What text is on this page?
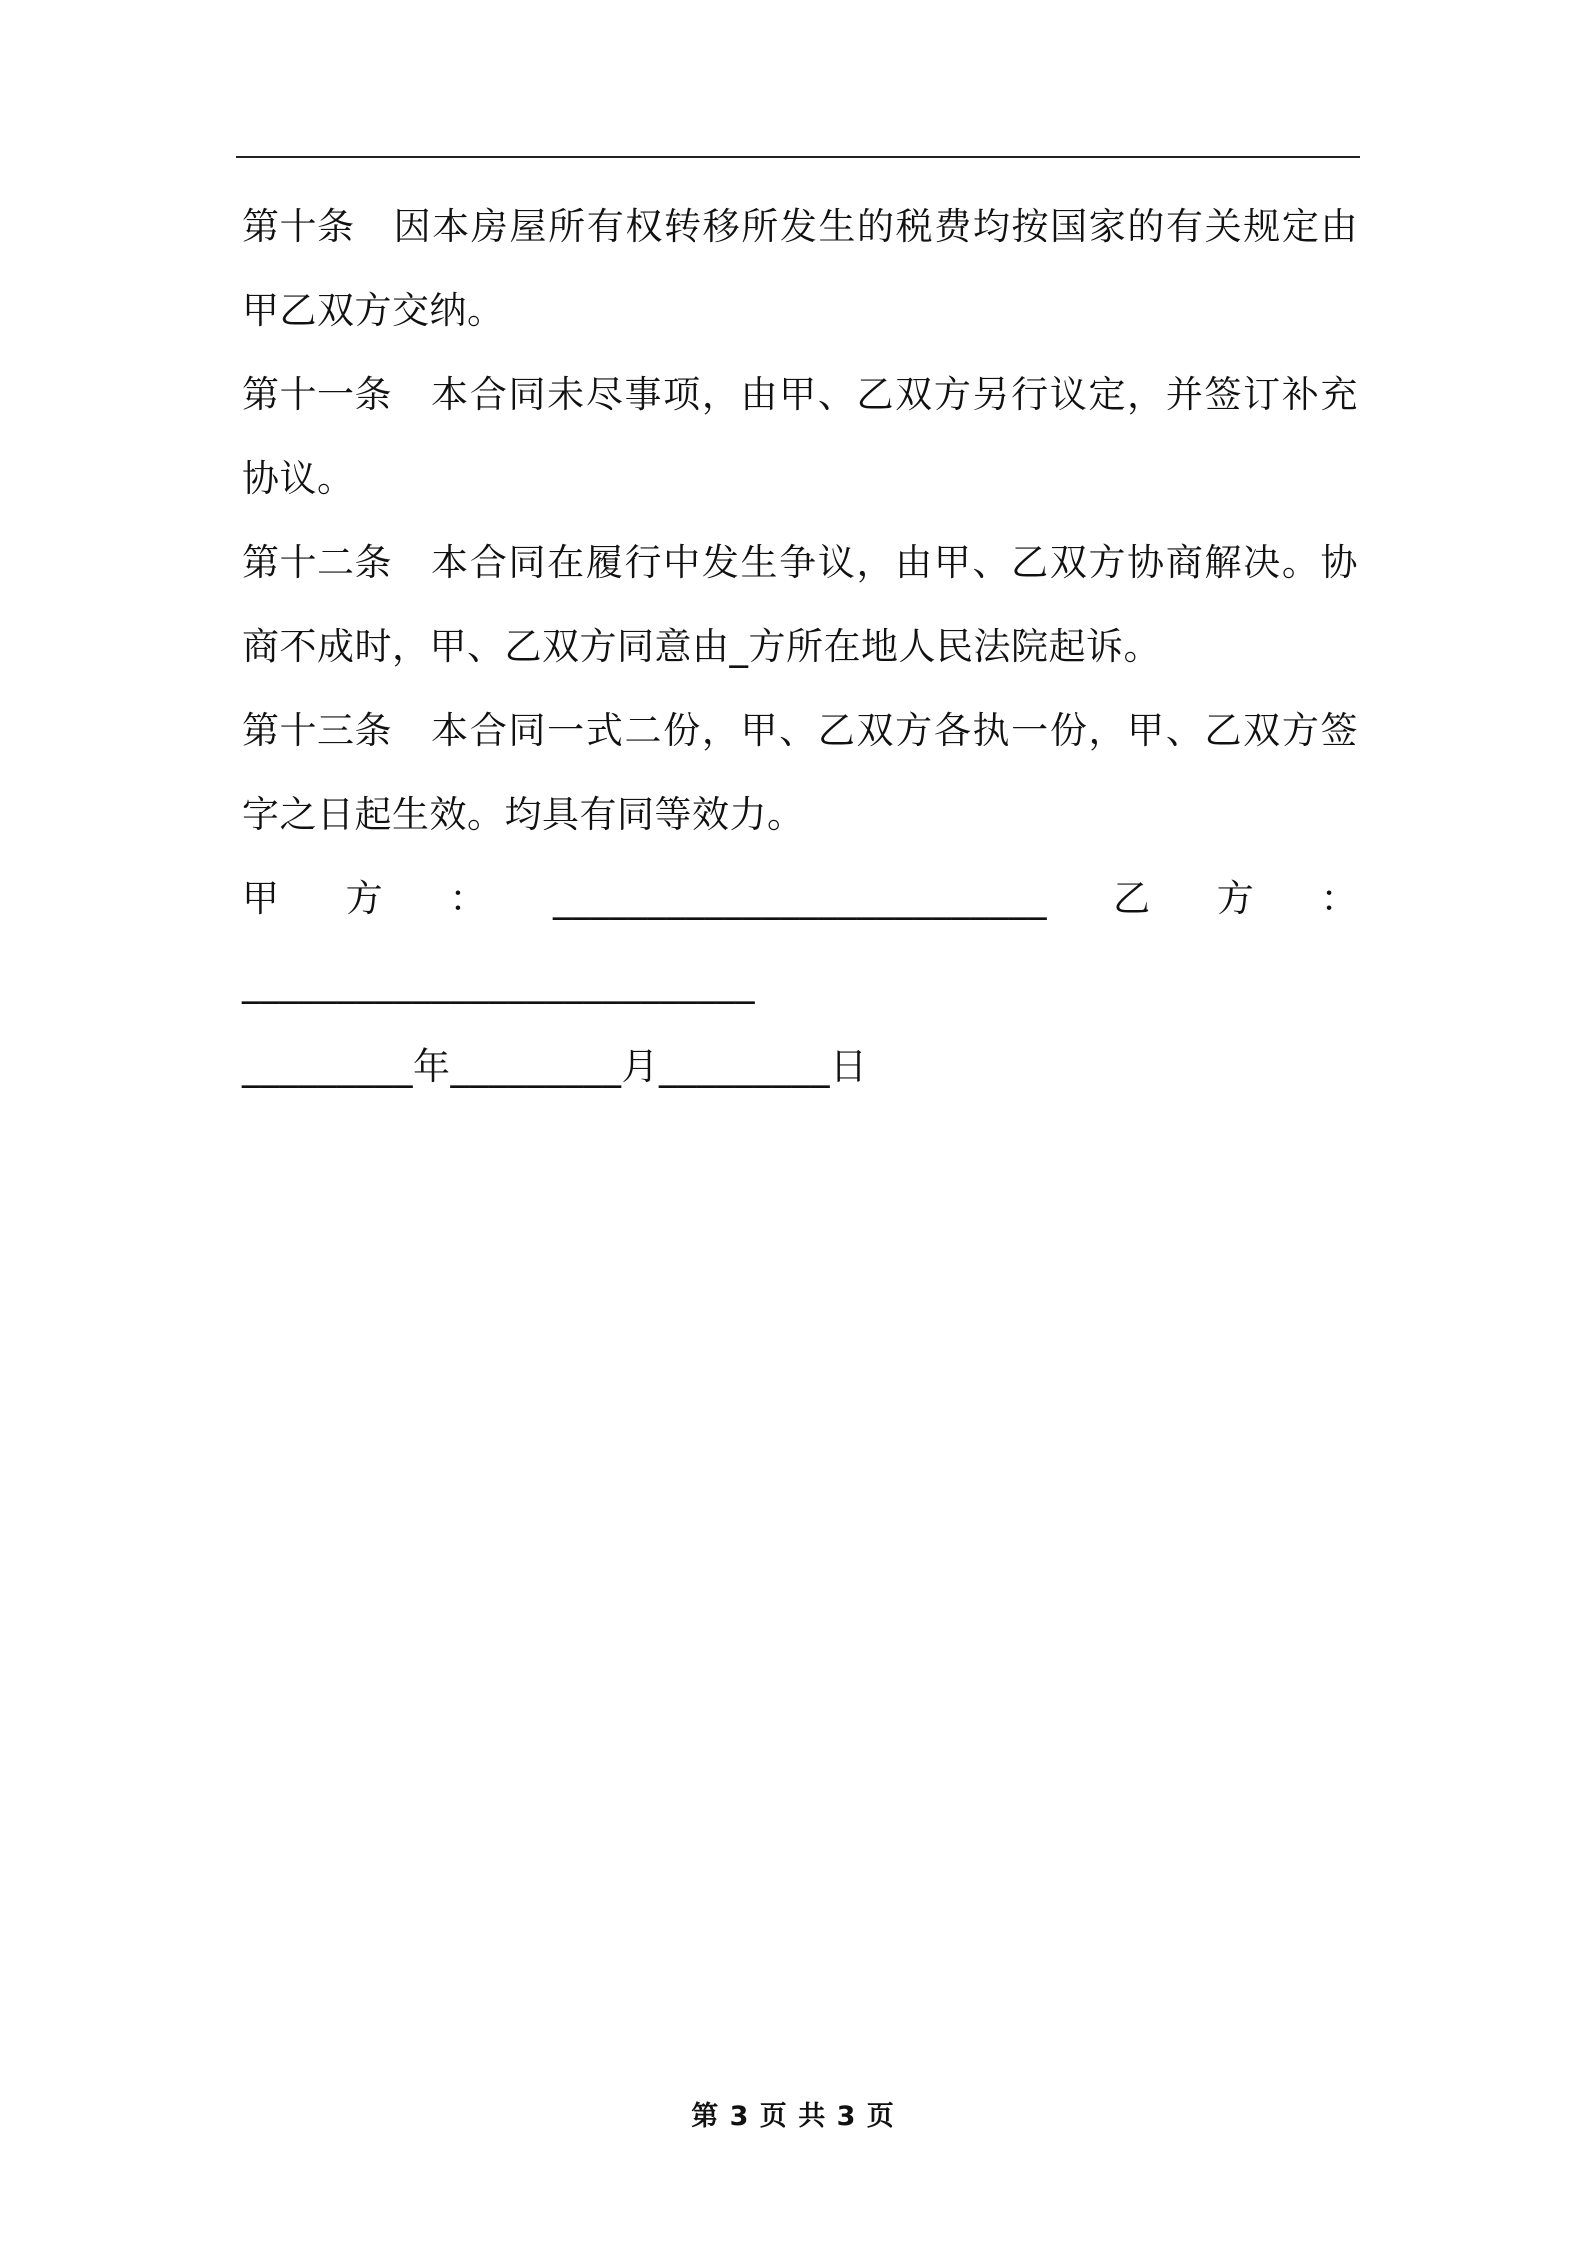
第十条 因本房屋所有权转移所发生的税费均按国家的有关规定由甲乙双方交纳。

第十一条 本合同未尽事项，由甲、乙双方另行议定，并签订补充协议。

第十二条 本合同在履行中发生争议，由甲、乙双方协商解决。协商不成时，甲、乙双方同意由_方所在地人民法院起诉。

第十三条 本合同一式二份，甲、乙双方各执一份，甲、乙双方签字之日起生效。均具有同等效力。

甲 方 ： __________________________ 乙 方 ：
___________________________
_________年_________月_________日
第 3 页 共 3 页
